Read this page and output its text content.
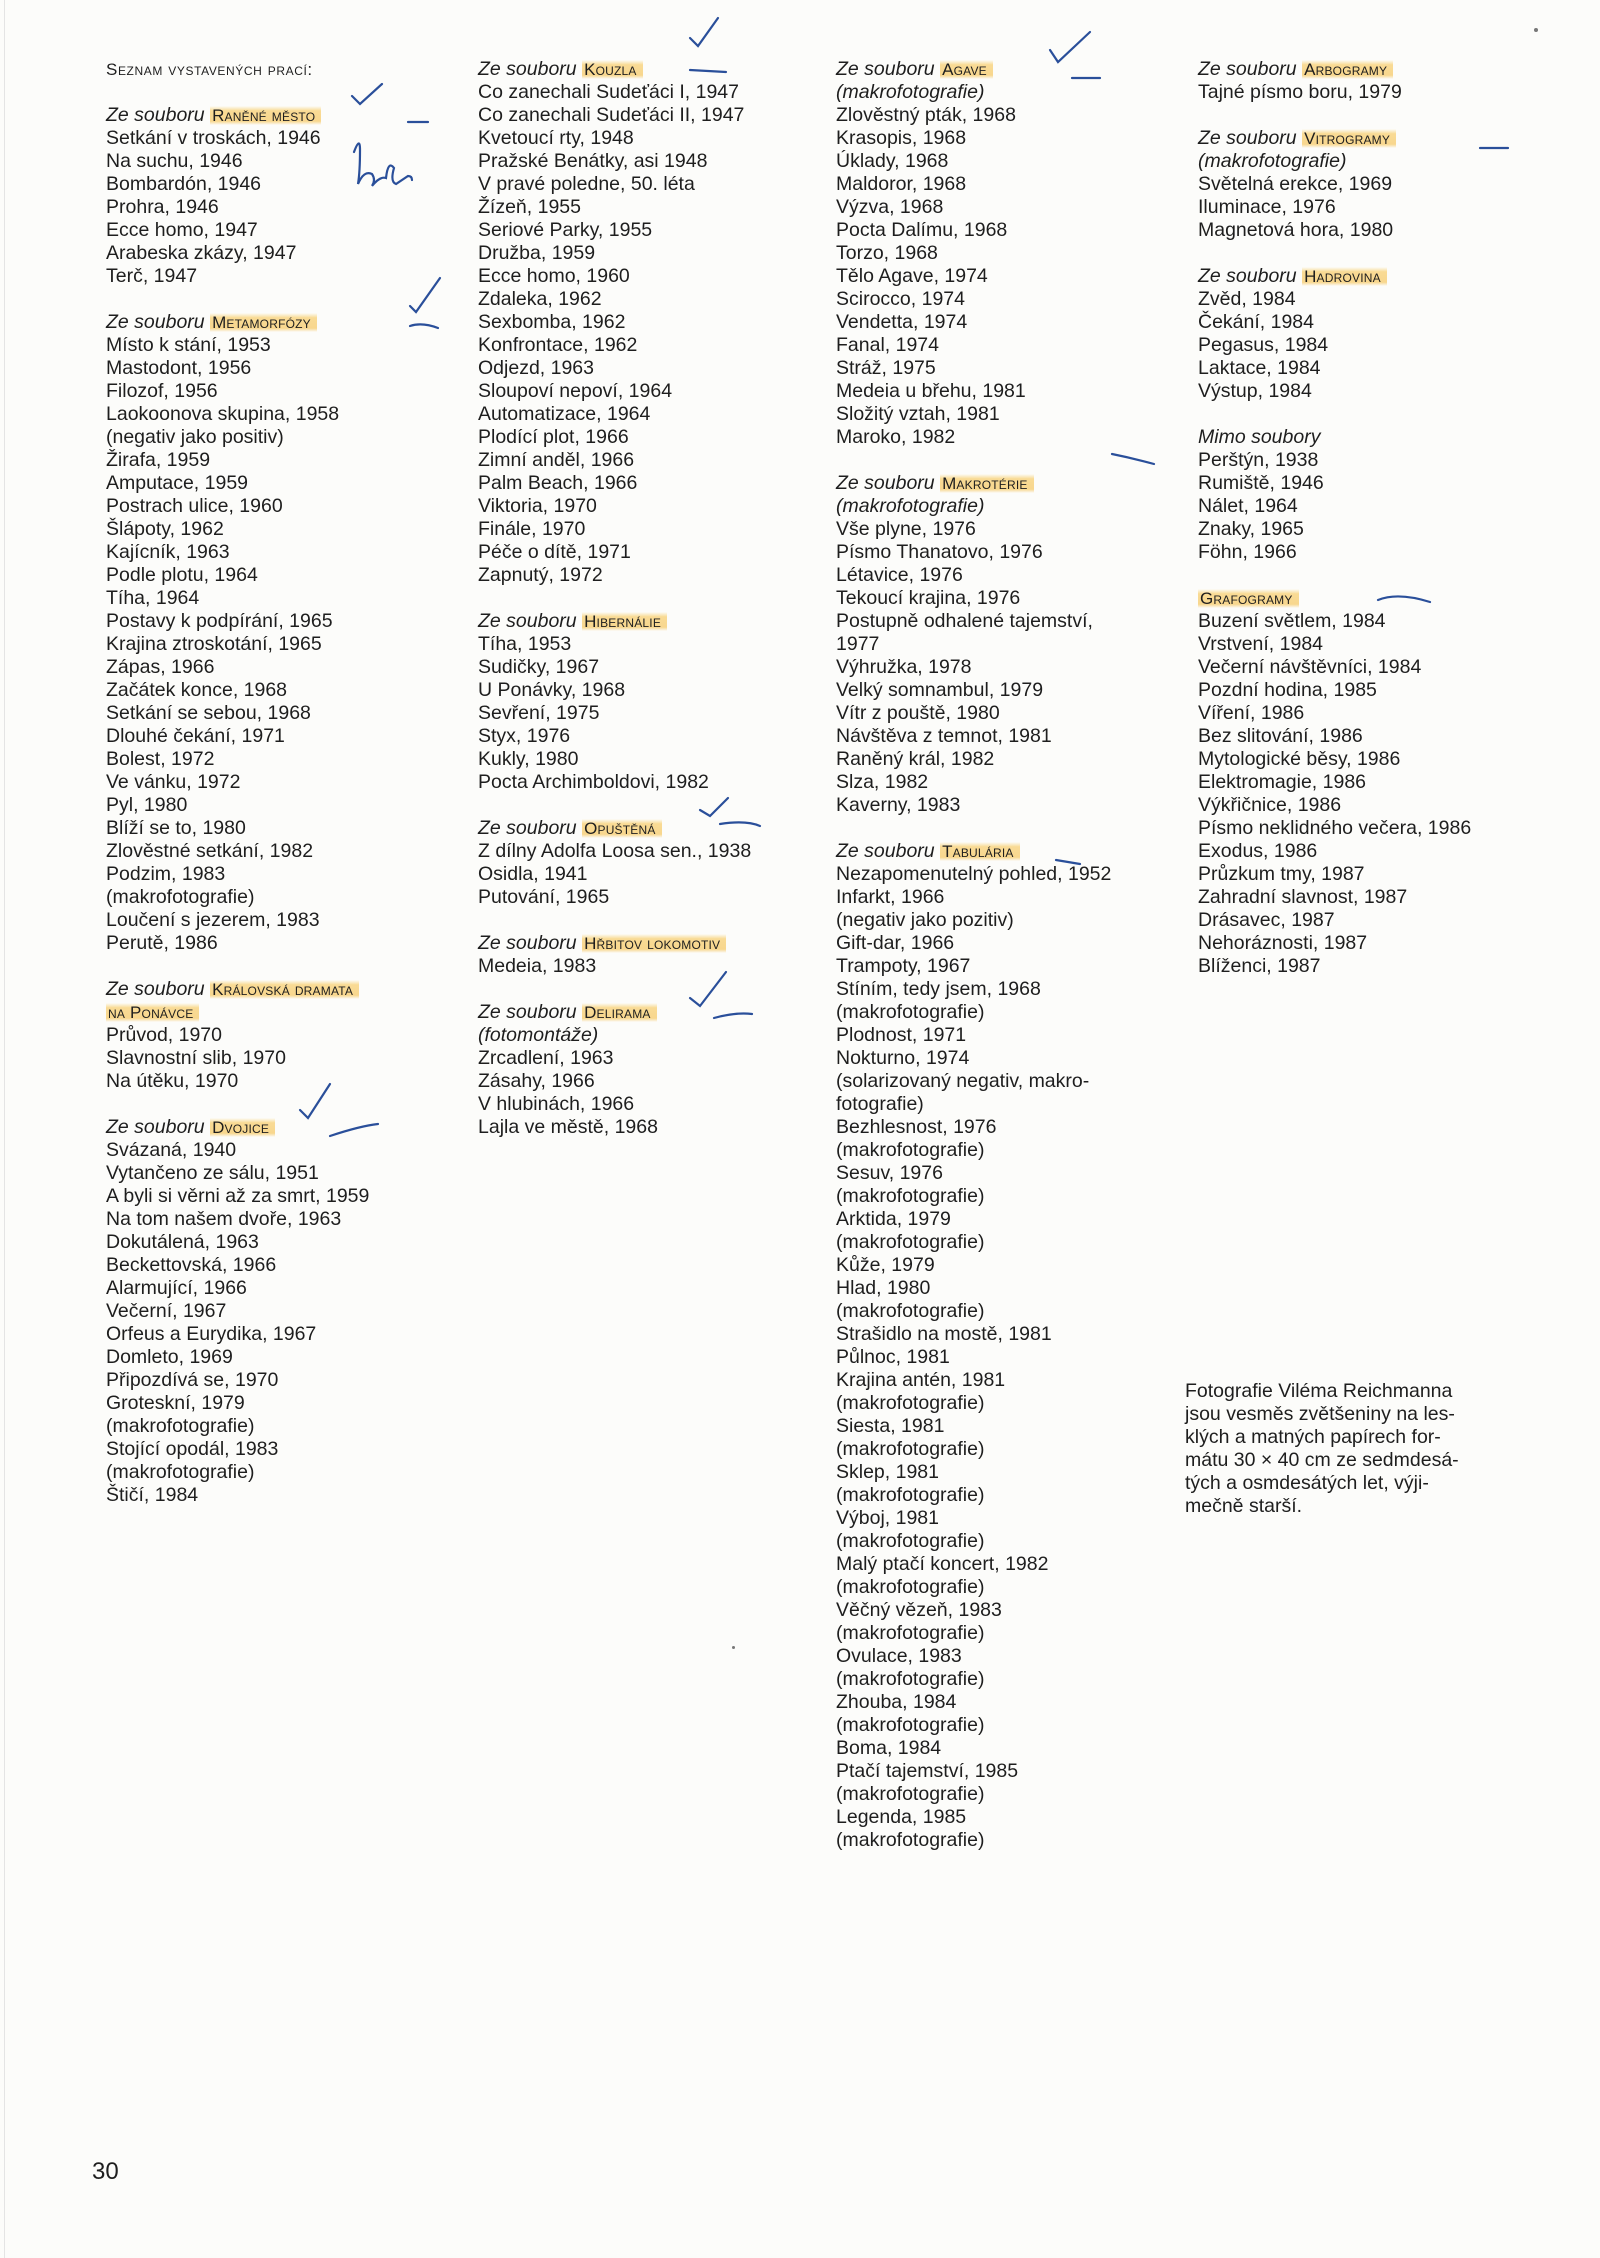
Seznam vystavených prací:
Ze souboru Raněné město
Setkání v troskách, 1946
Na suchu, 1946
Bombardón, 1946
Prohra, 1946
Ecce homo, 1947
Arabeska zkázy, 1947
Terč, 1947
Ze souboru Metamorfózy
Místo k stání, 1953
Mastodont, 1956
Filozof, 1956
Laokoonova skupina, 1958
(negativ jako positiv)
Žirafa, 1959
Amputace, 1959
Postrach ulice, 1960
Šlápoty, 1962
Kajícník, 1963
Podle plotu, 1964
Tíha, 1964
Postavy k podpírání, 1965
Krajina ztroskotání, 1965
Zápas, 1966
Začátek konce, 1968
Setkání se sebou, 1968
Dlouhé čekání, 1971
Bolest, 1972
Ve vánku, 1972
Pyl, 1980
Blíží se to, 1980
Zlověstné setkání, 1982
Podzim, 1983
(makrofotografie)
Loučení s jezerem, 1983
Perutě, 1986
Ze souboru Královská dramata
na Ponávce
Průvod, 1970
Slavnostní slib, 1970
Na útěku, 1970
Ze souboru Dvojice
Svázaná, 1940
Vytančeno ze sálu, 1951
A byli si věrni až za smrt, 1959
Na tom našem dvoře, 1963
Dokutálená, 1963
Beckettovská, 1966
Alarmující, 1966
Večerní, 1967
Orfeus a Eurydika, 1967
Domleto, 1969
Připozdívá se, 1970
Groteskní, 1979
(makrofotografie)
Stojící opodál, 1983
(makrofotografie)
Štičí, 1984
Ze souboru Kouzla
Co zanechali Sudeťáci I, 1947
Co zanechali Sudeťáci II, 1947
Kvetoucí rty, 1948
Pražské Benátky, asi 1948
V pravé poledne, 50. léta
Žízeň, 1955
Seriové Parky, 1955
Družba, 1959
Ecce homo, 1960
Zdaleka, 1962
Sexbomba, 1962
Konfrontace, 1962
Odjezd, 1963
Sloupoví nepoví, 1964
Automatizace, 1964
Plodící plot, 1966
Zimní anděl, 1966
Palm Beach, 1966
Viktoria, 1970
Finále, 1970
Péče o dítě, 1971
Zapnutý, 1972
Ze souboru Hibernálie
Tíha, 1953
Sudičky, 1967
U Ponávky, 1968
Sevření, 1975
Styx, 1976
Kukly, 1980
Pocta Archimboldovi, 1982
Ze souboru Opuštěná
Z dílny Adolfa Loosa sen., 1938
Osidla, 1941
Putování, 1965
Ze souboru Hřbitov lokomotiv
Medeia, 1983
Ze souboru Delirama
(fotomontáže)
Zrcadlení, 1963
Zásahy, 1966
V hlubinách, 1966
Lajla ve městě, 1968
Ze souboru Agave
(makrofotografie)
Zlověstný pták, 1968
Krasopis, 1968
Úklady, 1968
Maldoror, 1968
Výzva, 1968
Pocta Dalímu, 1968
Torzo, 1968
Tělo Agave, 1974
Scirocco, 1974
Vendetta, 1974
Fanal, 1974
Stráž, 1975
Medeia u břehu, 1981
Složitý vztah, 1981
Maroko, 1982
Ze souboru Makrotérie
(makrofotografie)
Vše plyne, 1976
Písmo Thanatovo, 1976
Létavice, 1976
Tekoucí krajina, 1976
Postupně odhalené tajemství,
1977
Výhružka, 1978
Velký somnambul, 1979
Vítr z pouště, 1980
Návštěva z temnot, 1981
Raněný král, 1982
Slza, 1982
Kaverny, 1983
Ze souboru Tabulária
Nezapomenutelný pohled, 1952
Infarkt, 1966
(negativ jako pozitiv)
Gift-dar, 1966
Trampoty, 1967
Stíním, tedy jsem, 1968
(makrofotografie)
Plodnost, 1971
Nokturno, 1974
(solarizovaný negativ, makro-
fotografie)
Bezhlesnost, 1976
(makrofotografie)
Sesuv, 1976
(makrofotografie)
Arktida, 1979
(makrofotografie)
Kůže, 1979
Hlad, 1980
(makrofotografie)
Strašidlo na mostě, 1981
Půlnoc, 1981
Krajina antén, 1981
(makrofotografie)
Siesta, 1981
(makrofotografie)
Sklep, 1981
(makrofotografie)
Výboj, 1981
(makrofotografie)
Malý ptačí koncert, 1982
(makrofotografie)
Věčný vězeň, 1983
(makrofotografie)
Ovulace, 1983
(makrofotografie)
Zhouba, 1984
(makrofotografie)
Boma, 1984
Ptačí tajemství, 1985
(makrofotografie)
Legenda, 1985
(makrofotografie)
Ze souboru Arbogramy
Tajné písmo boru, 1979
Ze souboru Vitrogramy
(makrofotografie)
Světelná erekce, 1969
Iluminace, 1976
Magnetová hora, 1980
Ze souboru Hadrovina
Zvěd, 1984
Čekání, 1984
Pegasus, 1984
Laktace, 1984
Výstup, 1984
Mimo soubory
Perštýn, 1938
Rumiště, 1946
Nálet, 1964
Znaky, 1965
Föhn, 1966
Grafogramy
Buzení světlem, 1984
Vrstvení, 1984
Večerní návštěvníci, 1984
Pozdní hodina, 1985
Víření, 1986
Bez slitování, 1986
Mytologické běsy, 1986
Elektromagie, 1986
Výkřičnice, 1986
Písmo neklidného večera, 1986
Exodus, 1986
Průzkum tmy, 1987
Zahradní slavnost, 1987
Drásavec, 1987
Nehoráznosti, 1987
Blíženci, 1987
Fotografie Viléma Reichmanna
jsou vesměs zvětšeniny na les-
klých a matných papírech for-
mátu 30 × 40 cm ze sedmdesá-
tých a osmdesátých let, výji-
mečně starší.
30
